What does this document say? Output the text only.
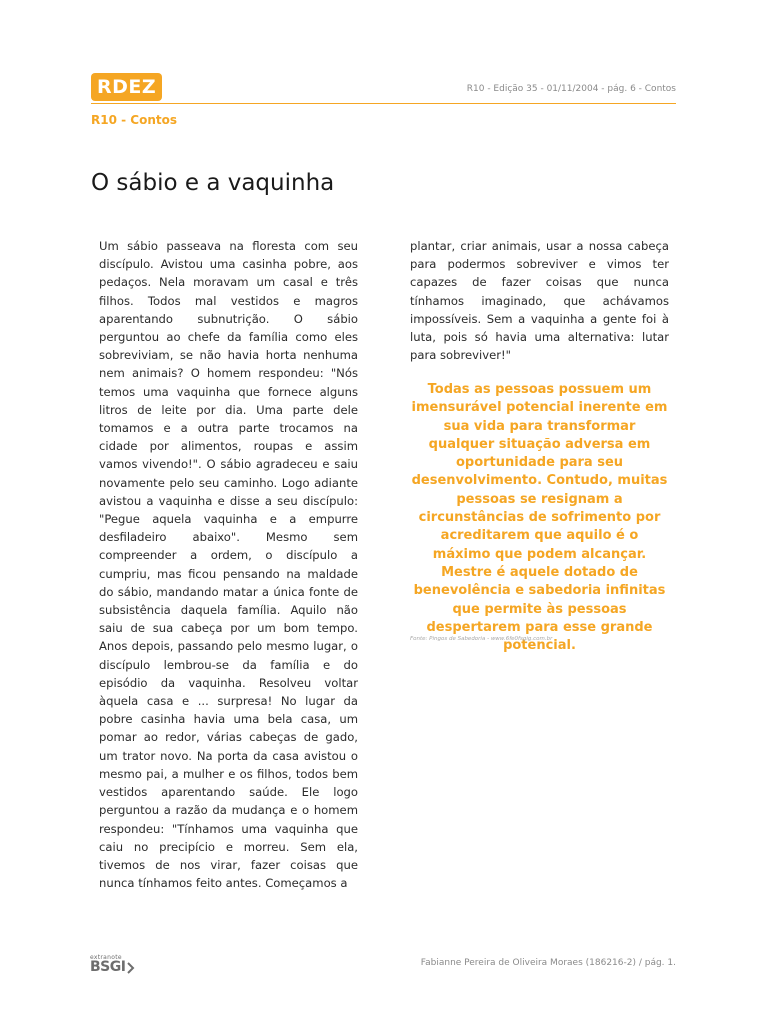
RDEZ	R10 - Edição 35 - 01/11/2004 - pág. 6 - Contos
R10 - Contos
O sábio e a vaquinha
Um sábio passeava na floresta com seu discípulo. Avistou uma casinha pobre, aos pedaços. Nela moravam um casal e três filhos. Todos mal vestidos e magros aparentando subnutrição. O sábio perguntou ao chefe da família como eles sobreviviam, se não havia horta nenhuma nem animais? O homem respondeu: "Nós temos uma vaquinha que fornece alguns litros de leite por dia. Uma parte dele tomamos e a outra parte trocamos na cidade por alimentos, roupas e assim vamos vivendo!". O sábio agradeceu e saiu novamente pelo seu caminho. Logo adiante avistou a vaquinha e disse a seu discípulo: "Pegue aquela vaquinha e a empurre desfiladeiro abaixo". Mesmo sem compreender a ordem, o discípulo a cumpriu, mas ficou pensando na maldade do sábio, mandando matar a única fonte de subsistência daquela família. Aquilo não saiu de sua cabeça por um bom tempo. Anos depois, passando pelo mesmo lugar, o discípulo lembrou-se da família e do episódio da vaquinha. Resolveu voltar àquela casa e ... surpresa! No lugar da pobre casinha havia uma bela casa, um pomar ao redor, várias cabeças de gado, um trator novo. Na porta da casa avistou o mesmo pai, a mulher e os filhos, todos bem vestidos aparentando saúde. Ele logo perguntou a razão da mudança e o homem respondeu: "Tínhamos uma vaquinha que caiu no precipício e morreu. Sem ela, tivemos de nos virar, fazer coisas que nunca tínhamos feito antes. Começamos a
plantar, criar animais, usar a nossa cabeça para podermos sobreviver e vimos ter capazes de fazer coisas que nunca tínhamos imaginado, que achávamos impossíveis. Sem a vaquinha a gente foi à luta, pois só havia uma alternativa: lutar para sobreviver!"
Todas as pessoas possuem um imensurável potencial inerente em sua vida para transformar qualquer situação adversa em oportunidade para seu desenvolvimento. Contudo, muitas pessoas se resignam a circunstâncias de sofrimento por acreditarem que aquilo é o máximo que podem alcançar. Mestre é aquele dotado de benevolência e sabedoria infinitas que permite às pessoas despertarem para esse grande potencial.
Fonte: Pingos de Sabedoria - www.6fe0fsgig.com.br
extranote
BSGI	Fabianne Pereira de Oliveira Moraes (186216-2) / pág. 1.
